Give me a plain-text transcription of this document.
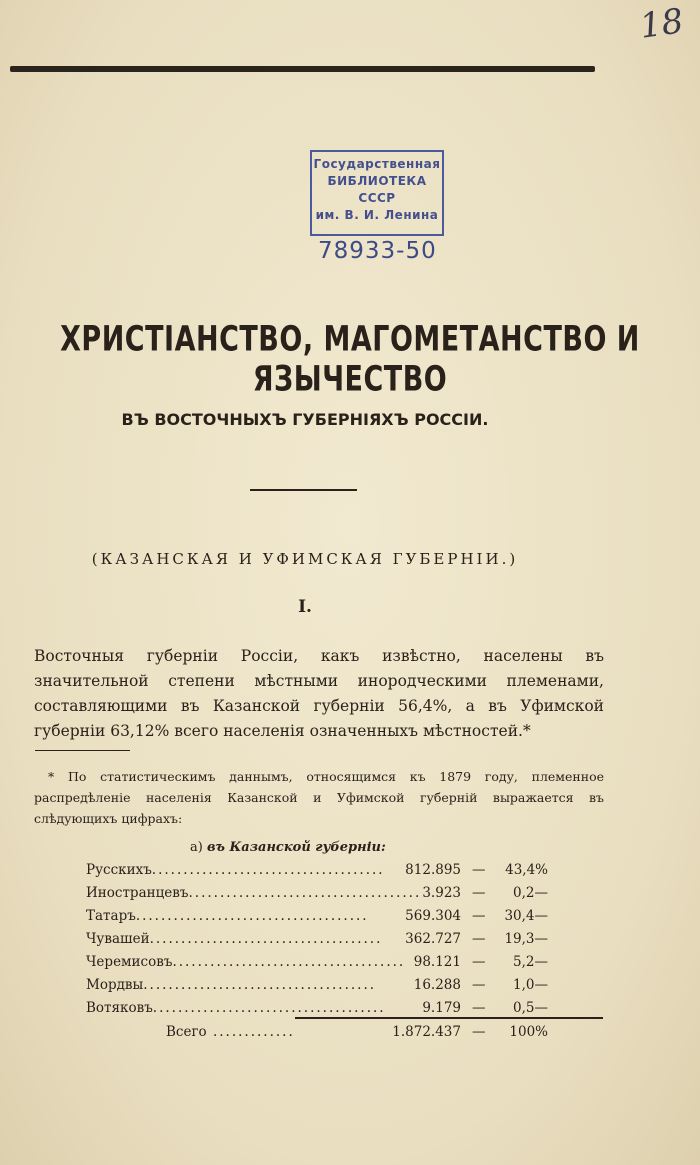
18
Государственная
БИБЛИОТЕКА
СССР
им. В. И. Ленина
78933-50
ХРИСТІАНСТВО, МАГОМЕТАНСТВО И ЯЗЫЧЕСТВО
ВЪ ВОСТОЧНЫХЪ ГУБЕРНІЯХЪ РОССІИ.
(КАЗАНСКАЯ И УФИМСКАЯ ГУБЕРНІИ.)
I.
Восточныя губерніи Россіи, какъ извѣстно, населены въ значительной степени мѣстными инородческими племенами, составляющими въ Казанской губерніи 56,4%, а въ Уфимской губерніи 63,12% всего населенія означенныхъ мѣстностей.*
* По статистическимъ даннымъ, относящимся къ 1879 году, племенное распредѣленіе населенія Казанской и Уфимской губерній выражается въ слѣдующихъ цифрахъ:
а) въ Казанской губерніи:
Русскихъ.....................................	812.895 —	43,4%
Иностранцевъ..................................... 3.923 —	0,2—
Татаръ.....................................	569.304 —	30,4—
Чувашей.....................................	362.727 —	19,3—
Черемисовъ..................................... 98.121 —	5,2—
Мордвы.....................................	16.288 —	1,0—
Вотяковъ.....................................	9.179 —	0,5—
Всего .............	1.872.437 —	100%
